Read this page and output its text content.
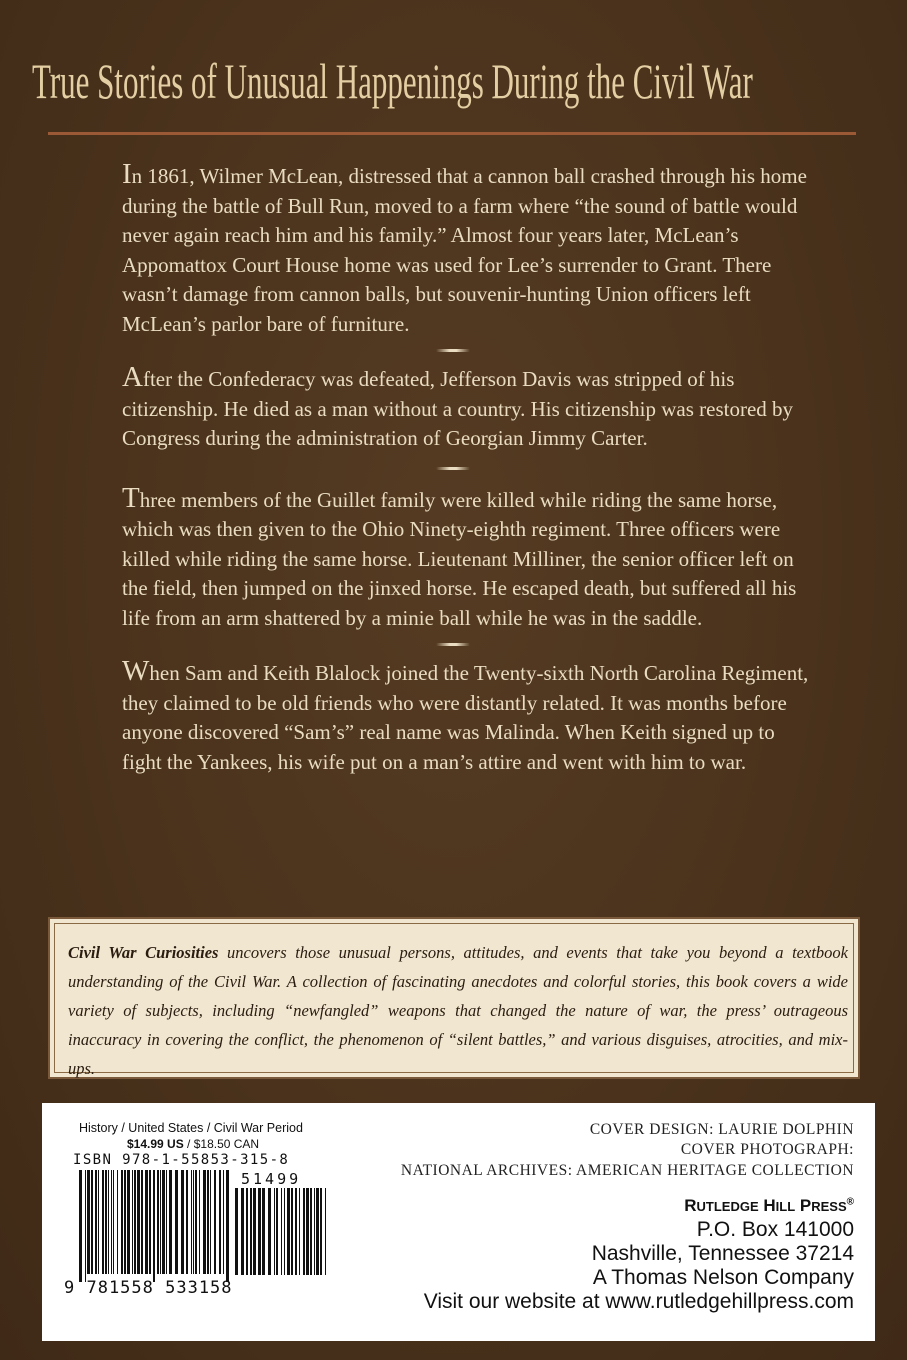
True Stories of Unusual Happenings During the Civil War

In 1861, Wilmer McLean, distressed that a cannon ball crashed through his home during the battle of Bull Run, moved to a farm where “the sound of battle would never again reach him and his family.” Almost four years later, McLean’s Appomattox Court House home was used for Lee’s surrender to Grant. There wasn’t damage from cannon balls, but souvenir-hunting Union officers left McLean’s parlor bare of furniture.

After the Confederacy was defeated, Jefferson Davis was stripped of his citizenship. He died as a man without a country. His citizenship was restored by Congress during the administration of Georgian Jimmy Carter.

Three members of the Guillet family were killed while riding the same horse, which was then given to the Ohio Ninety-eighth regiment. Three officers were killed while riding the same horse. Lieutenant Milliner, the senior officer left on the field, then jumped on the jinxed horse. He escaped death, but suffered all his life from an arm shattered by a minie ball while he was in the saddle.

When Sam and Keith Blalock joined the Twenty-sixth North Carolina Regiment, they claimed to be old friends who were distantly related. It was months before anyone discovered “Sam’s” real name was Malinda. When Keith signed up to fight the Yankees, his wife put on a man’s attire and went with him to war.

Civil War Curiosities uncovers those unusual persons, attitudes, and events that take you beyond a textbook understanding of the Civil War. A collection of fascinating anecdotes and colorful stories, this book covers a wide variety of subjects, including “newfangled” weapons that changed the nature of war, the press’ outrageous inaccuracy in covering the conflict, the phenomenon of “silent battles,” and various disguises, atrocities, and mix-ups.

History / United States / Civil War Period
$14.99 US / $18.50 CAN
ISBN 978-1-55853-315-8
51499
9 781558 533158
COVER DESIGN: LAURIE DOLPHIN
COVER PHOTOGRAPH:
NATIONAL ARCHIVES: AMERICAN HERITAGE COLLECTION
RUTLEDGE HILL PRESS®
P.O. Box 141000
Nashville, Tennessee 37214
A Thomas Nelson Company
Visit our website at www.rutledgehillpress.com
